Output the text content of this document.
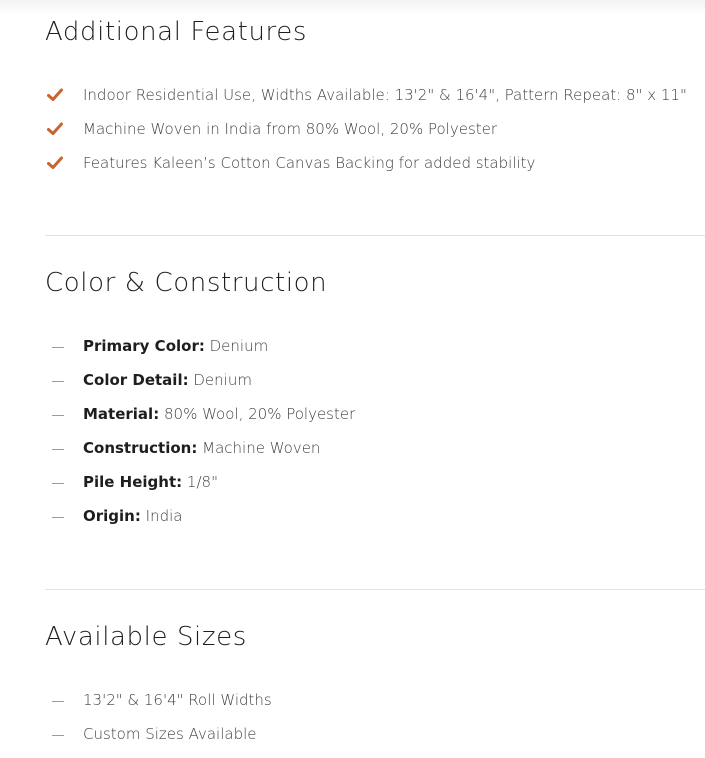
Additional Features
Indoor Residential Use, Widths Available: 13'2" & 16'4", Pattern Repeat: 8" x 11"
Machine Woven in India from 80% Wool, 20% Polyester
Features Kaleen’s Cotton Canvas Backing for added stability
Color & Construction
Primary Color: Denium
Color Detail: Denium
Material: 80% Wool, 20% Polyester
Construction: Machine Woven
Pile Height: 1/8"
Origin: India
Available Sizes
13'2" & 16'4" Roll Widths
Custom Sizes Available
